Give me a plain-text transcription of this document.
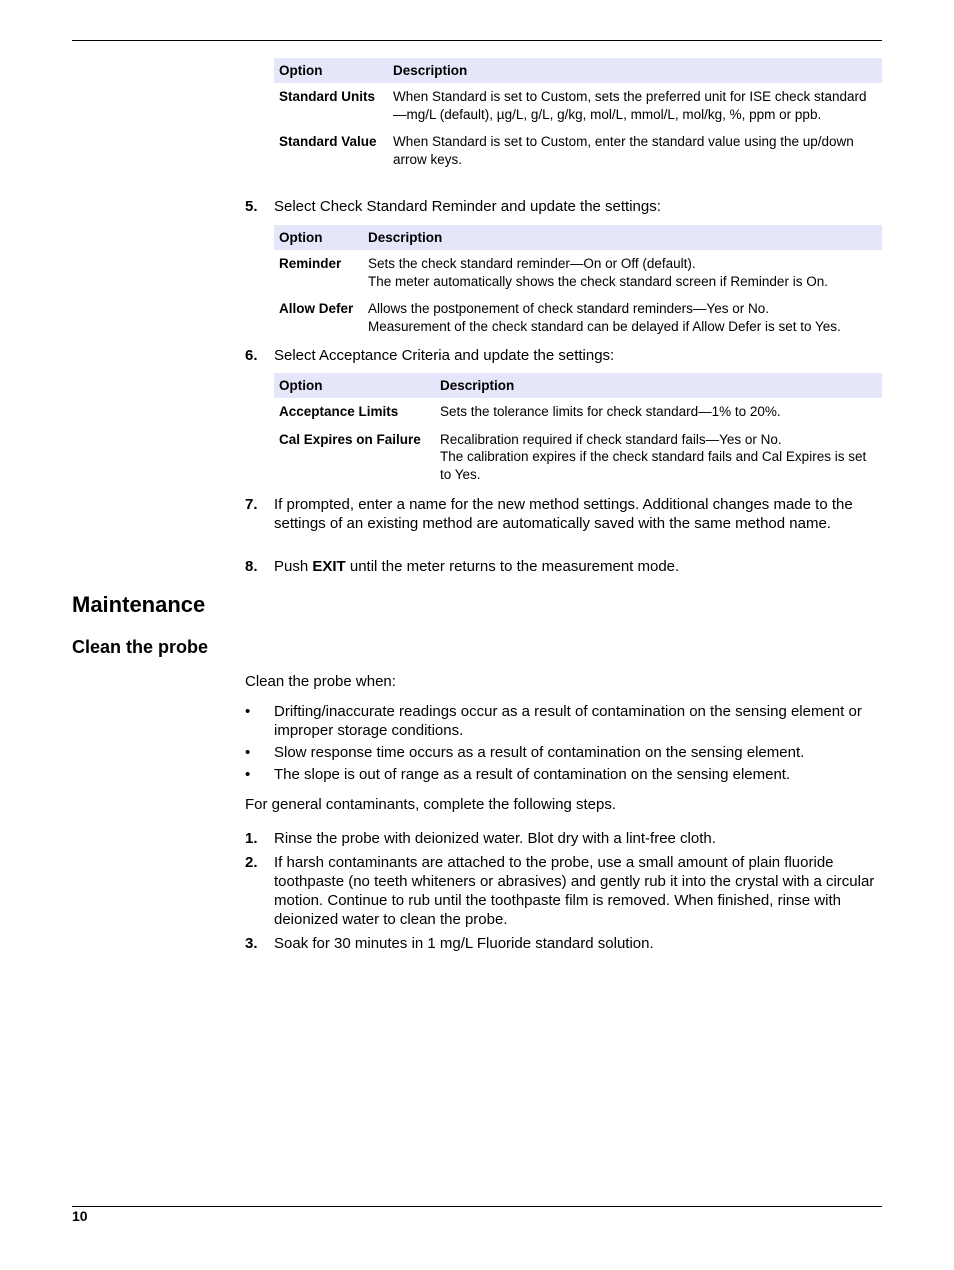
Option	Description
Standard Units	When Standard is set to Custom, sets the preferred unit for ISE check standard—mg/L (default), µg/L, g/L, g/kg, mol/L, mmol/L, mol/kg, %, ppm or ppb.
Standard Value	When Standard is set to Custom, enter the standard value using the up/down arrow keys.
5. Select Check Standard Reminder and update the settings:
Option	Description
Reminder	Sets the check standard reminder—On or Off (default).
The meter automatically shows the check standard screen if Reminder is On.
Allow Defer	Allows the postponement of check standard reminders—Yes or No.
Measurement of the check standard can be delayed if Allow Defer is set to Yes.
6. Select Acceptance Criteria and update the settings:
Option	Description
Acceptance Limits	Sets the tolerance limits for check standard—1% to 20%.
Cal Expires on Failure	Recalibration required if check standard fails—Yes or No.
The calibration expires if the check standard fails and Cal Expires is set to Yes.
7. If prompted, enter a name for the new method settings. Additional changes made to the settings of an existing method are automatically saved with the same method name.
8. Push EXIT until the meter returns to the measurement mode.
Maintenance
Clean the probe

Clean the probe when:

• Drifting/inaccurate readings occur as a result of contamination on the sensing element or improper storage conditions.
• Slow response time occurs as a result of contamination on the sensing element.
• The slope is out of range as a result of contamination on the sensing element.

For general contaminants, complete the following steps.

1. Rinse the probe with deionized water. Blot dry with a lint-free cloth.
2. If harsh contaminants are attached to the probe, use a small amount of plain fluoride toothpaste (no teeth whiteners or abrasives) and gently rub it into the crystal with a circular motion. Continue to rub until the toothpaste film is removed. When finished, rinse with deionized water to clean the probe.
3. Soak for 30 minutes in 1 mg/L Fluoride standard solution.
10
